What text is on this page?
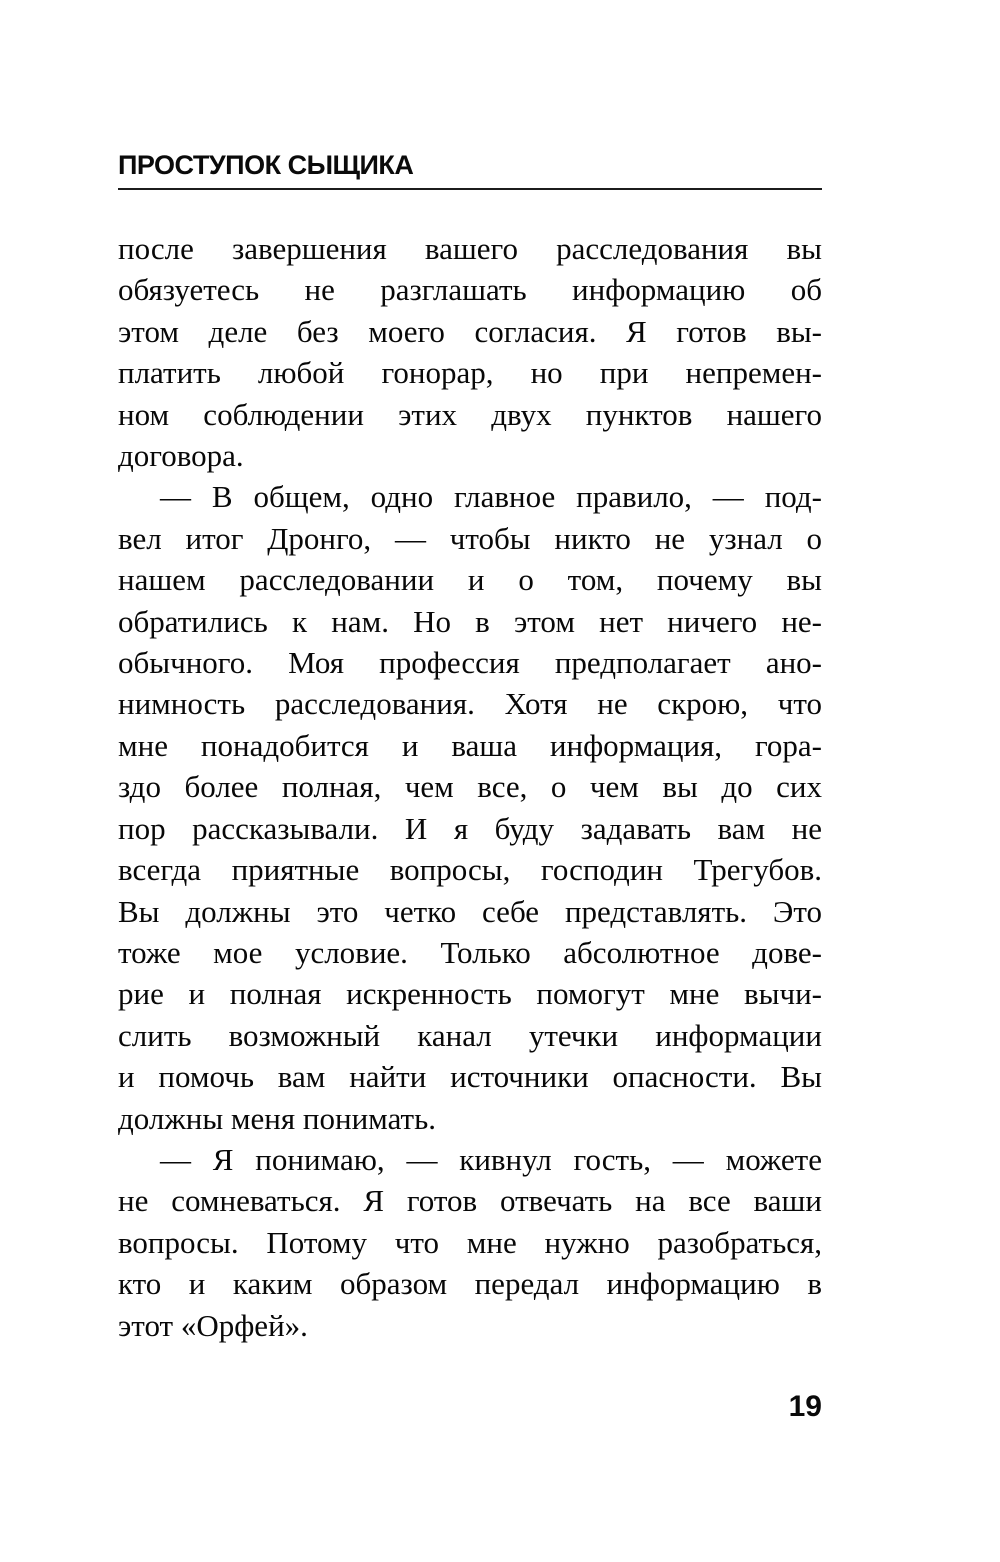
ПРОСТУПОК СЫЩИКА
после завершения вашего расследования вы
обязуетесь не разглашать информацию об
этом деле без моего согласия. Я готов вы-
платить любой гонорар, но при непремен-
ном соблюдении этих двух пунктов нашего
договора.
— В общем, одно главное правило, — под-
вел итог Дронго, — чтобы никто не узнал о
нашем расследовании и о том, почему вы
обратились к нам. Но в этом нет ничего не-
обычного. Моя профессия предполагает ано-
нимность расследования. Хотя не скрою, что
мне понадобится и ваша информация, гора-
здо более полная, чем все, о чем вы до сих
пор рассказывали. И я буду задавать вам не
всегда приятные вопросы, господин Трегубов.
Вы должны это четко себе представлять. Это
тоже мое условие. Только абсолютное дове-
рие и полная искренность помогут мне вычи-
слить возможный канал утечки информации
и помочь вам найти источники опасности. Вы
должны меня понимать.
— Я понимаю, — кивнул гость, — можете
не сомневаться. Я готов отвечать на все ваши
вопросы. Потому что мне нужно разобраться,
кто и каким образом передал информацию в
этот «Орфей».
19
